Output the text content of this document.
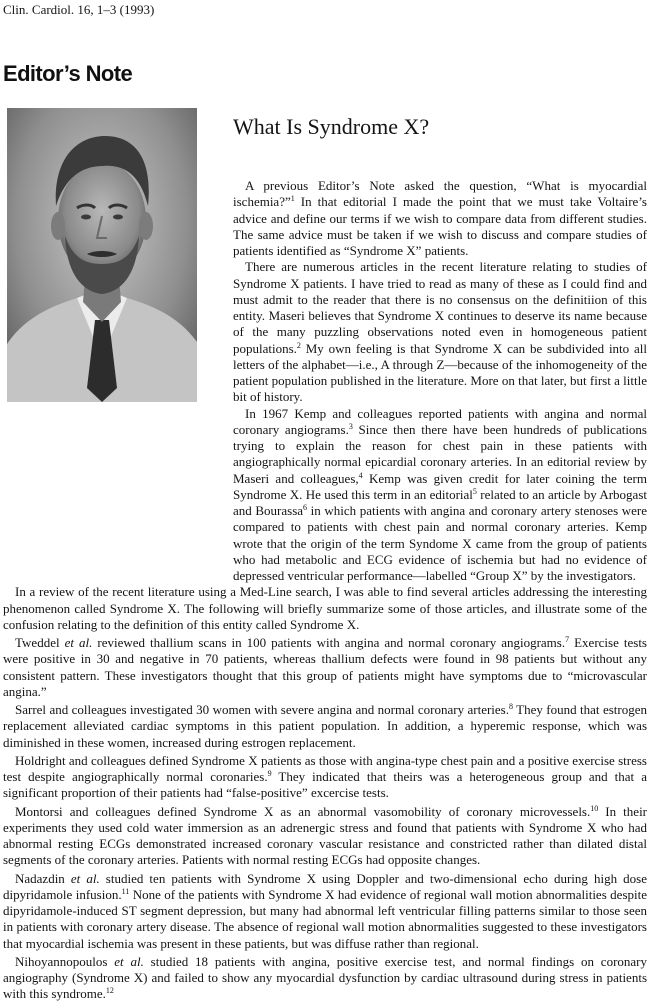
Clin. Cardiol. 16, 1–3 (1993)
Editor’s Note
What Is Syndrome X?

A previous Editor’s Note asked the question, “What is myocardial ischemia?”$^1$ In that editorial I made the point that we must take Voltaire’s advice and define our terms if we wish to compare data from different studies. The same advice must be taken if we wish to discuss and compare studies of patients identified as “Syndrome X” patients.

There are numerous articles in the recent literature relating to studies of Syndrome X patients. I have tried to read as many of these as I could find and must admit to the reader that there is no consensus on the definitiion of this entity. Maseri believes that Syndrome X continues to deserve its name because of the many puzzling observations noted even in homogeneous patient populations.$^2$ My own feeling is that Syndrome X can be subdivided into all letters of the alphabet—i.e., A through Z—because of the inhomogeneity of the patient population published in the literature. More on that later, but first a little bit of history.

In 1967 Kemp and colleagues reported patients with angina and normal coronary angiograms.$^3$ Since then there have been hundreds of publications trying to explain the reason for chest pain in these patients with angiographically normal epicardial coronary arteries. In an editorial review by Maseri and colleagues,$^4$ Kemp was given credit for later coining the term Syndrome X. He used this term in an editorial$^5$ related to an article by Arbogast and Bourassa$^6$ in which patients with angina and coronary artery stenoses were compared to patients with chest pain and normal coronary arteries. Kemp wrote that the origin of the term Syndome X came from the group of patients who had metabolic and ECG evidence of ischemia but had no evidence of depressed ventricular performance—labelled “Group X” by the investigators.

In a review of the recent literature using a Med-Line search, I was able to find several articles addressing the interesting phenomenon called Syndrome X. The following will briefly summarize some of those articles, and illustrate some of the confusion relating to the definition of this entity called Syndrome X.

Tweddel et al. reviewed thallium scans in 100 patients with angina and normal coronary angiograms.$^7$ Exercise tests were positive in 30 and negative in 70 patients, whereas thallium defects were found in 98 patients but without any consistent pattern. These investigators thought that this group of patients might have symptoms due to “microvascular angina.”

Sarrel and colleagues investigated 30 women with severe angina and normal coronary arteries.$^8$ They found that estrogen replacement alleviated cardiac symptoms in this patient population. In addition, a hyperemic response, which was diminished in these women, increased during estrogen replacement.

Holdright and colleagues defined Syndrome X patients as those with angina-type chest pain and a positive exercise stress test despite angiographically normal coronaries.$^9$ They indicated that theirs was a heterogeneous group and that a significant proportion of their patients had “false-positive” excercise tests.

Montorsi and colleagues defined Syndrome X as an abnormal vasomobility of coronary microvessels.$^{10}$ In their experiments they used cold water immersion as an adrenergic stress and found that patients with Syndrome X who had abnormal resting ECGs demonstrated increased coronary vascular resistance and constricted rather than dilated distal segments of the coronary arteries. Patients with normal resting ECGs had opposite changes.

Nadazdin et al. studied ten patients with Syndrome X using Doppler and two-dimensional echo during high dose dipyridamole infusion.$^{11}$ None of the patients with Syndrome X had evidence of regional wall motion abnormalities despite dipyridamole-induced ST segment depression, but many had abnormal left ventricular filling patterns similar to those seen in patients with coronary artery disease. The absence of regional wall motion abnormalities suggested to these investigators that myocardial ischemia was present in these patients, but was diffuse rather than regional.

Nihoyannopoulos et al. studied 18 patients with angina, positive exercise test, and normal findings on coronary angiography (Syndrome X) and failed to show any myocardial dysfunction by cardiac ultrasound during stress in patients with this syndrome.$^{12}$
